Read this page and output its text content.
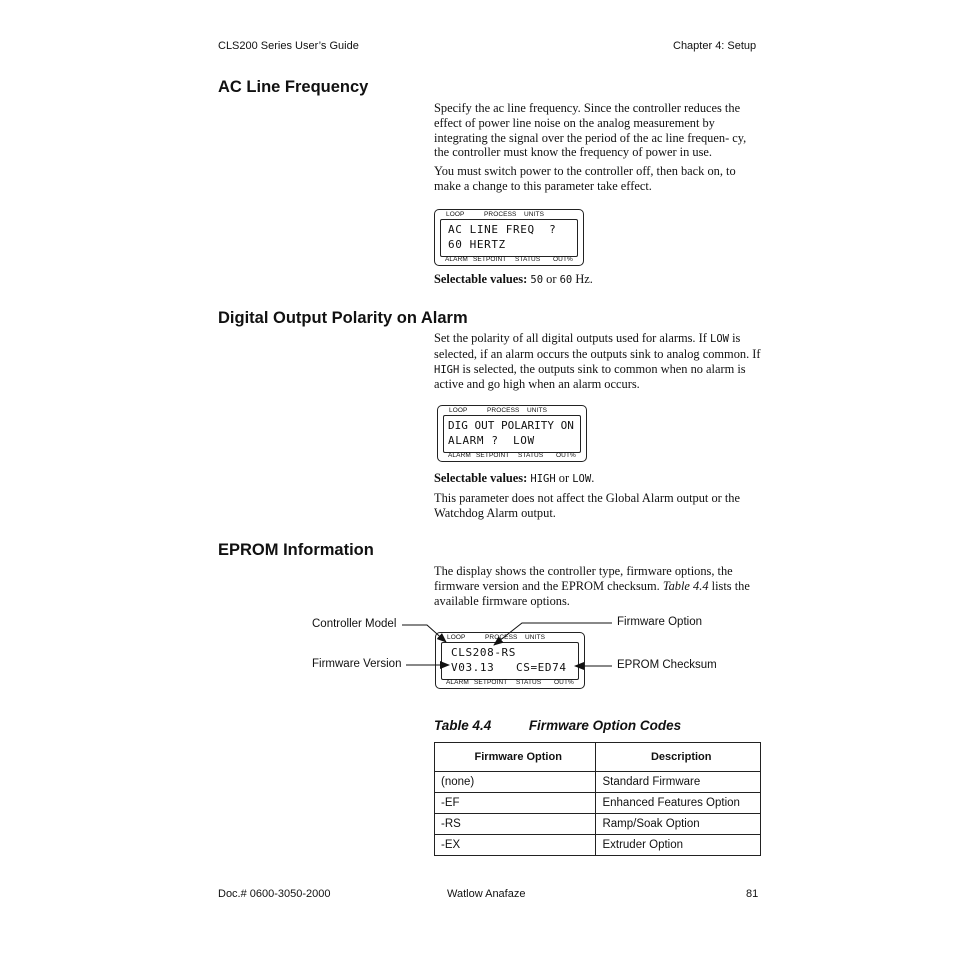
CLS200 Series User’s Guide	Chapter 4: Setup
AC Line Frequency
Specify the ac line frequency. Since the controller reduces the effect of power line noise on the analog measurement by integrating the signal over the period of the ac line frequen- cy, the controller must know the frequency of power in use.
You must switch power to the controller off, then back on, to make a change to this parameter take effect.
LOOP	PROCESS UNITS
AC LINE FREQ  ?
60 HERTZ
ALARM SETPOINT STATUS OUT%
Selectable values: 50 or 60 Hz.
Digital Output Polarity on Alarm
Set the polarity of all digital outputs used for alarms. If LOW is selected, if an alarm occurs the outputs sink to analog common. If HIGH is selected, the outputs sink to common when no alarm is active and go high when an alarm occurs.
LOOP	PROCESS UNITS
DIG OUT POLARITY ON
ALARM ?  LOW
ALARM SETPOINT STATUS OUT%
Selectable values: HIGH or LOW.
This parameter does not affect the Global Alarm output or the Watchdog Alarm output.
EPROM Information
The display shows the controller type, firmware options, the firmware version and the EPROM checksum. Table 4.4 lists the available firmware options.
LOOP	PROCESS UNITS
CLS208-RS
V03.13   CS=ED74
ALARM SETPOINT STATUS OUT%
Controller Model
Firmware Version
Firmware Option
EPROM Checksum
Table 4.4	Firmware Option Codes
Firmware Option	Description
(none)	Standard Firmware
-EF	Enhanced Features Option
-RS	Ramp/Soak Option
-EX	Extruder Option
Doc.# 0600-3050-2000	Watlow Anafaze	81
